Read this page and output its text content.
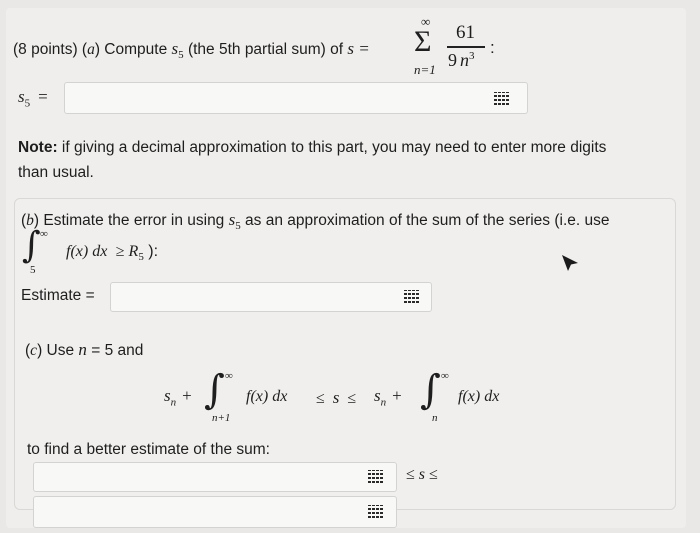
(8 points) (a) Compute $s_5$ (the 5th partial sum) of s =
∞
Σ
n=1
61
9 $n^3$ :
$s_5$ =
Note: if giving a decimal approximation to this part, you may need to enter more digits
than usual.
(b) Estimate the error in using $s_5$ as an approximation of the sum of the series (i.e. use
∫ ∞
5
f(x) dx ≥ $R_5$ ):
Estimate =
(c) Use n = 5 and
$s_n$ + ∫ ∞
n+1
f(x) dx ≤ $s \le s_n$ + ∫ ∞
n
f(x) dx
to find a better estimate of the sum:
≤ s ≤
